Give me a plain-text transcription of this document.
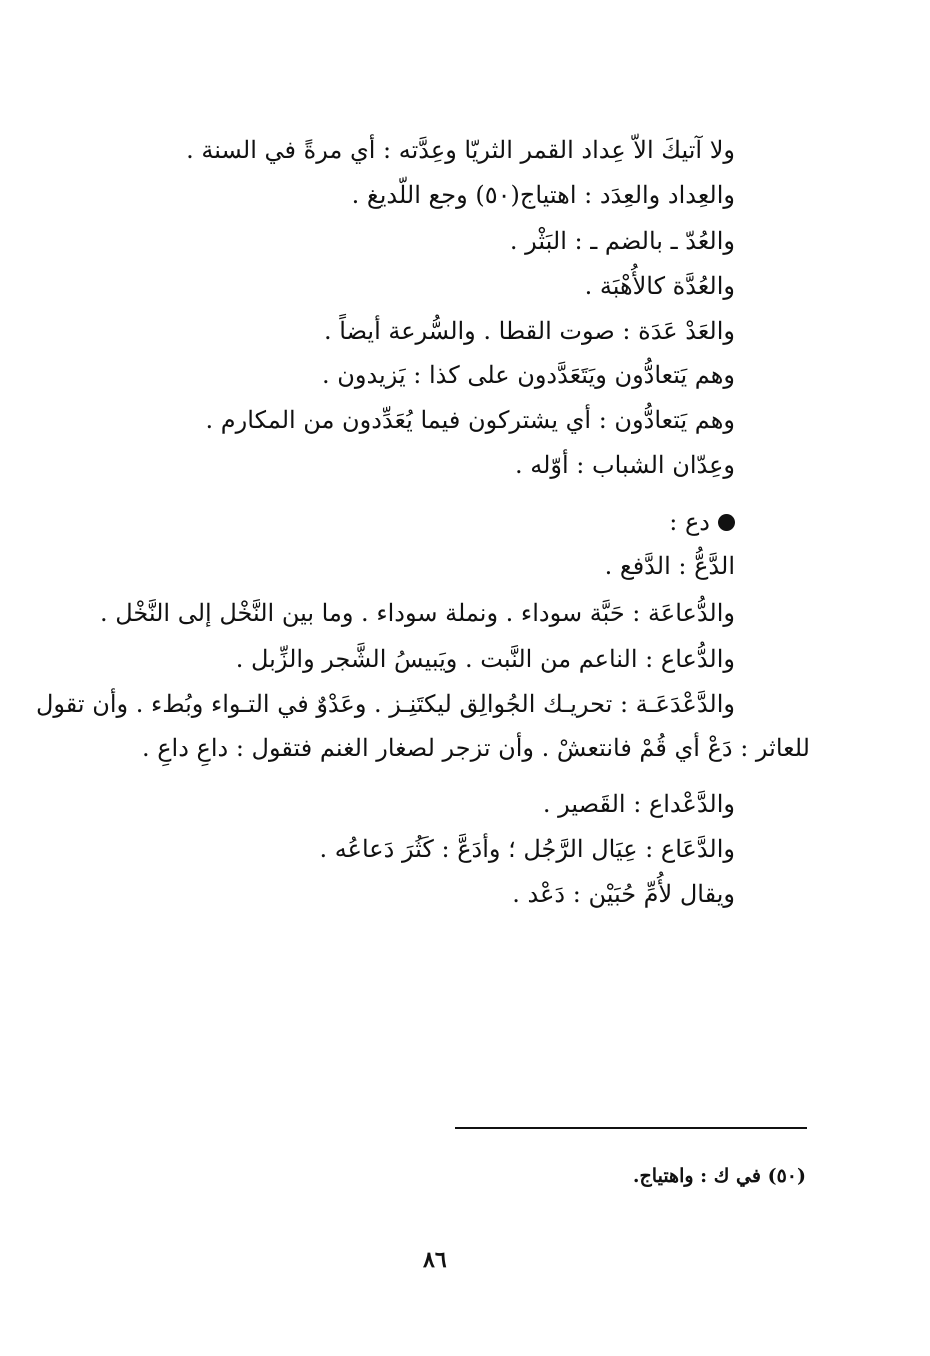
ولا آتيكَ الاّ عِداد القمر الثريّا وعِدَّته : أي مرةً في السنة .
والعِداد والعِدَد : اهتياج(٥٠) وجع اللّديغ .
والعُدّ ـ بالضم ـ : البَثْر .
والعُدَّة كالأُهْبَة .
والعَدْ عَدَة : صوت القطا . والسُّرعة أيضاً .
وهم يَتعادُّون ويَتَعَدَّدون على كذا : يَزيدون .
وهم يَتعادُّون : أي يشتركون فيما يُعَدِّدون من المكارم .
وعِدّان الشباب : أوّله .
دع :
الدَّعُّ : الدَّفع .
والدُّعاعَة : حَبَّة سوداء . ونملة سوداء . وما بين النَّخْل إلى النَّخْل .
والدُّعاع : الناعم من النَّبت . ويَبيسُ الشَّجر والزِّبل .
والدَّعْدَعَـة : تحريـك الجُوالِق ليكتَنِـز . وعَدْوٌ في التـواء وبُطء . وأن تقول
للعاثر : دَعْ أي قُمْ فانتعشْ . وأن تزجر لصغار الغنم فتقول : داعِ داعِ .
والدَّعْداع : القَصير .
والدَّعَاع : عِيَال الرَّجُل ؛ وأدَعَّ : كَثُرَ دَعاعُه .
ويقال لأُمِّ حُبَيْن : دَعْد .
(٥٠) في ك : واهتياج.
٨٦
